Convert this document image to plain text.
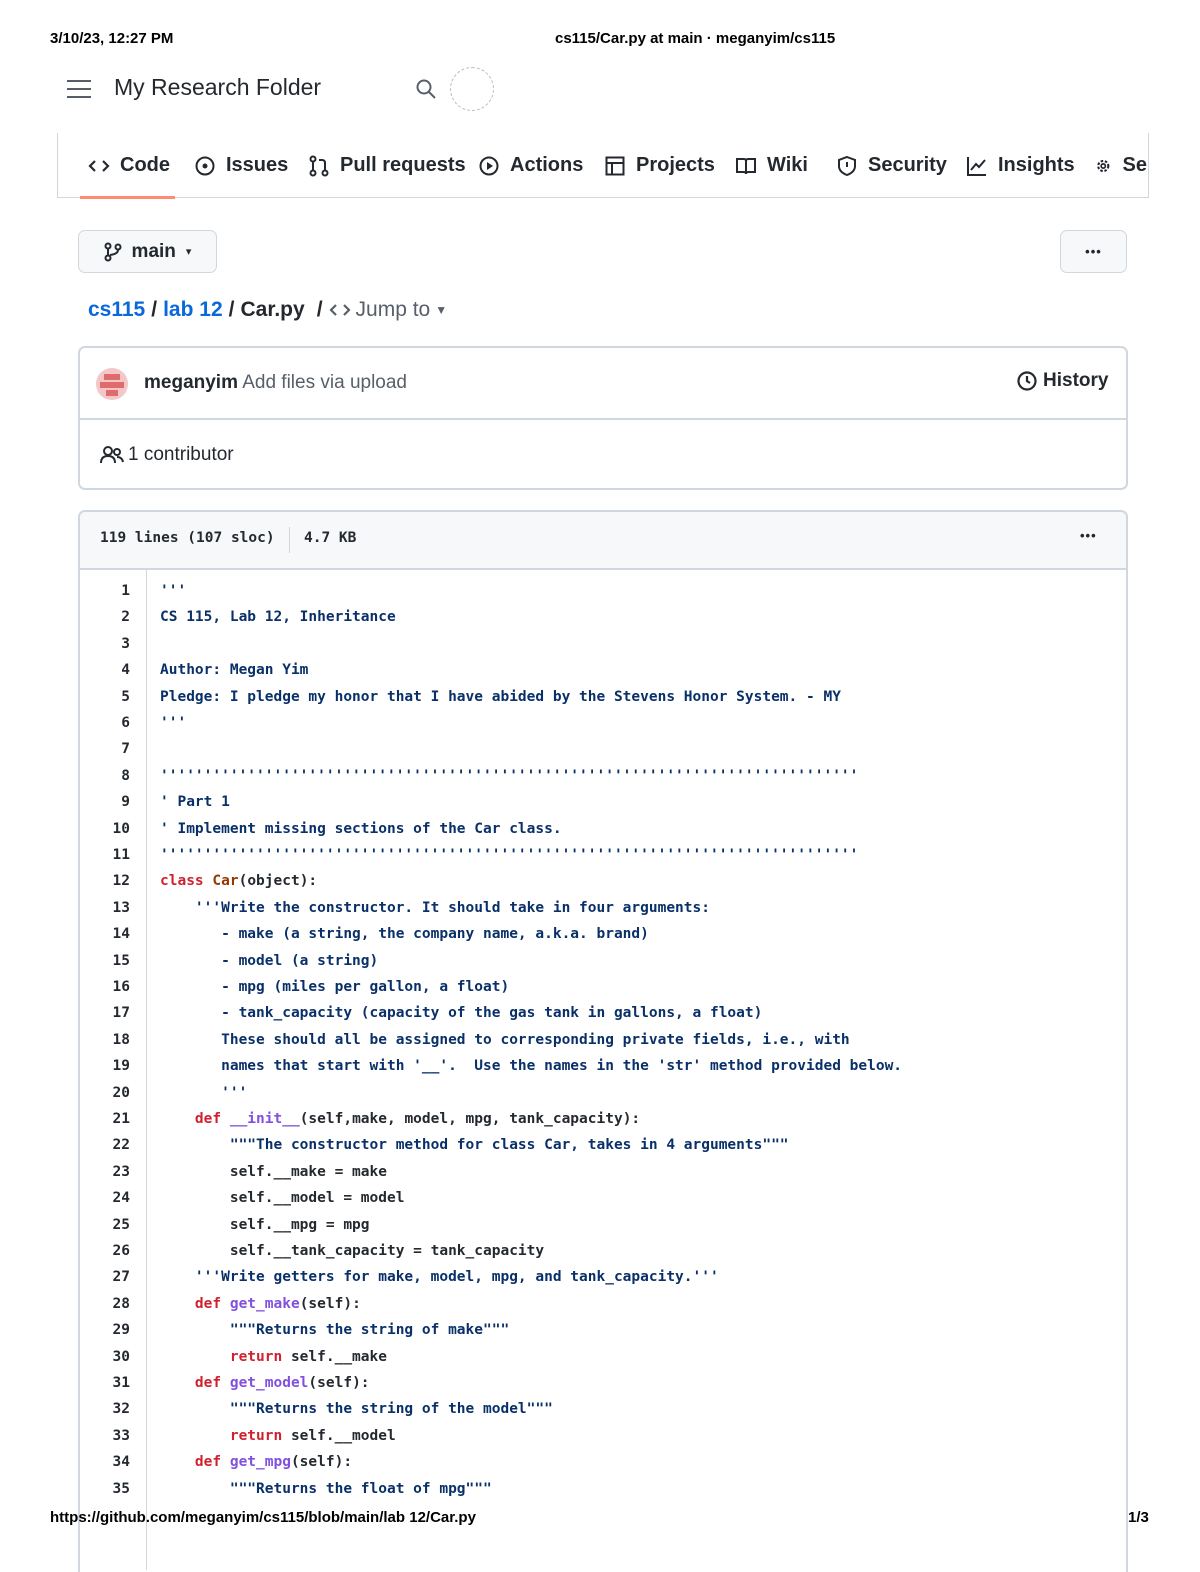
3/10/23, 12:27 PM	cs115/Car.py at main · meganyim/cs115
My Research Folder
Code	Issues	Pull requests Actions	Projects	Wiki	Security	Insights Se
main ▾	•••
cs115 / lab 12 / Car.py / Jump to ▼
meganyim Add files via upload	History
1 contributor
119 lines (107 sloc) 4.7 KB	•••
1 '''
2 CS 115, Lab 12, Inheritance
3
4 Author: Megan Yim
5 Pledge: I pledge my honor that I have abided by the Stevens Honor System. - MY
6 '''
7
8 ''''''''''''''''''''''''''''''''''''''''''''''''''''''''''''''''''''''''''''''''
9 ' Part 1
10 ' Implement missing sections of the Car class.
11 ''''''''''''''''''''''''''''''''''''''''''''''''''''''''''''''''''''''''''''''''
12 class Car(object):
13 '''Write the constructor. It should take in four arguments:
14 - make (a string, the company name, a.k.a. brand)
15 - model (a string)
16 - mpg (miles per gallon, a float)
17 - tank_capacity (capacity of the gas tank in gallons, a float)
18 These should all be assigned to corresponding private fields, i.e., with
19 names that start with '__'.  Use the names in the 'str' method provided below.
20 '''
21	def __init__(self,make, model, mpg, tank_capacity):
22 """The constructor method for class Car, takes in 4 arguments"""
23 self.__make = make
24 self.__model = model
25 self.__mpg = mpg
26 self.__tank_capacity = tank_capacity
27 '''Write getters for make, model, mpg, and tank_capacity.'''
28	def get_make(self):
29 """Returns the string of make"""
30	return self.__make
31	def get_model(self):
32 """Returns the string of the model"""
33	return self.__model
34	def get_mpg(self):
35 """Returns the float of mpg"""
https://github.com/meganyim/cs115/blob/main/lab 12/Car.py	1/3
